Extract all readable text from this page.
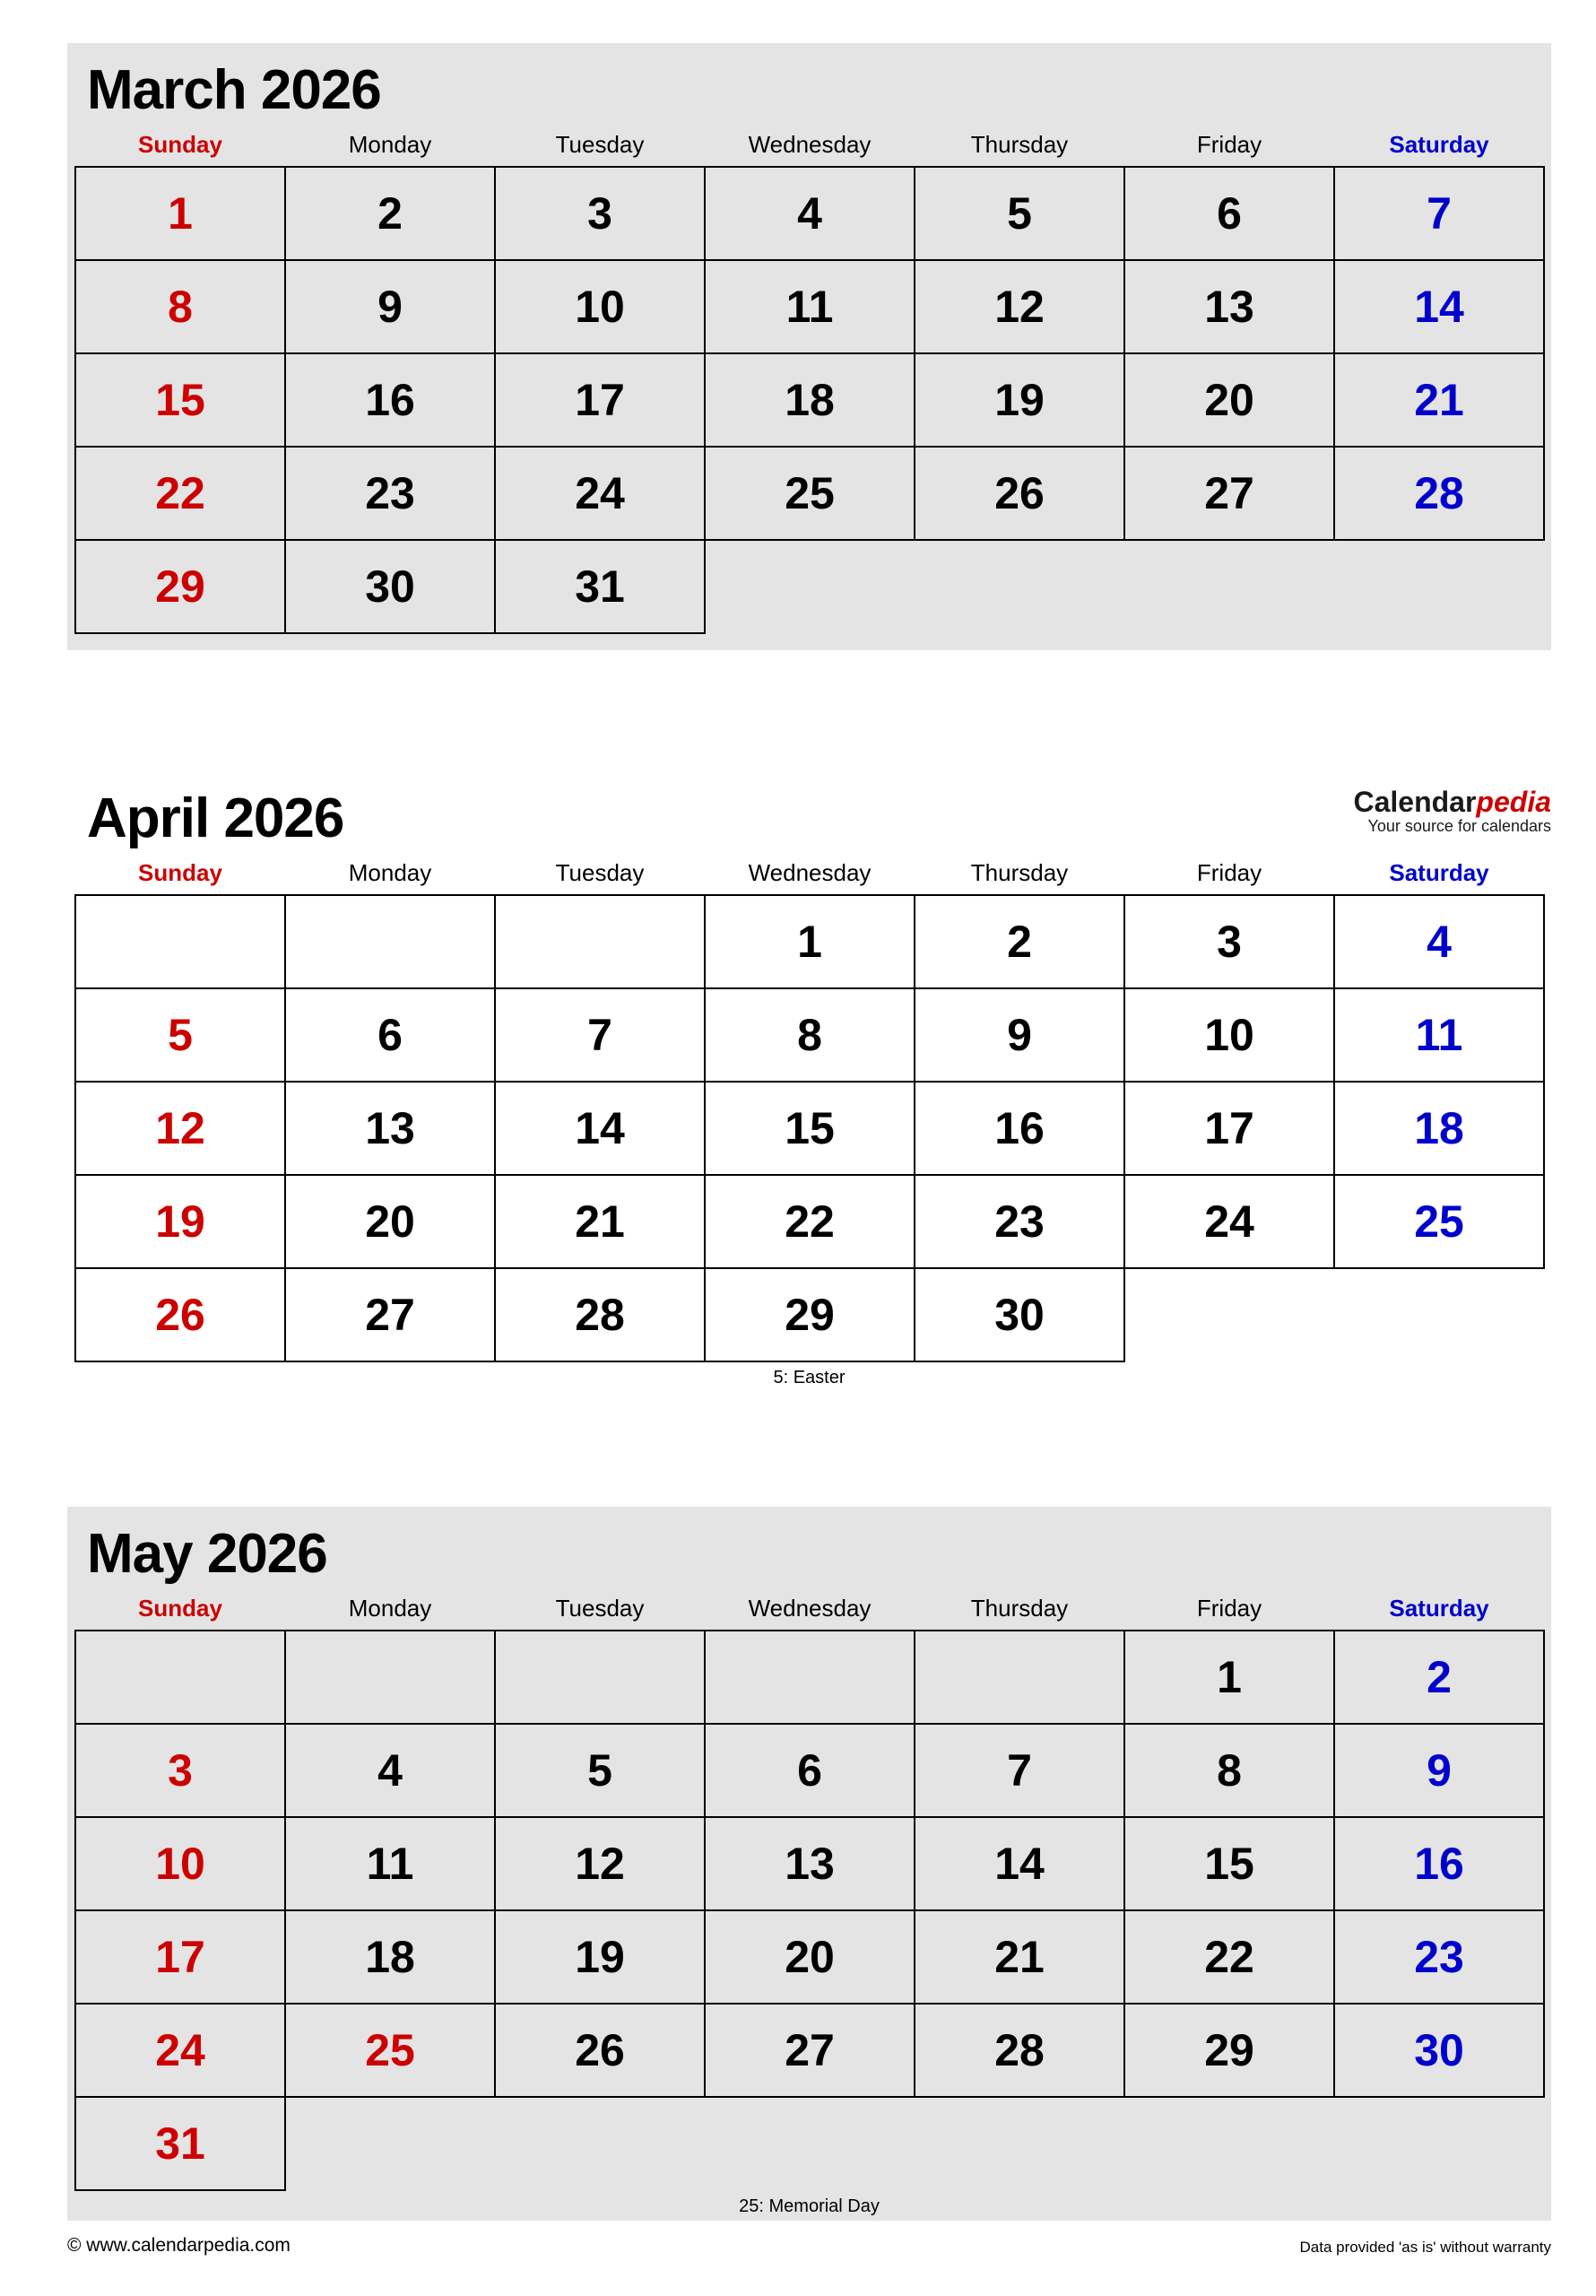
March 2026
Sunday	Monday	Tuesday	Wednesday	Thursday	Friday	Saturday
1	2	3	4	5	6	7
8	9	10	11	12	13	14
15	16	17	18	19	20	21
22	23	24	25	26	27	28
29	30	31				
Calendarpedia
Your source for calendars
April 2026
Sunday	Monday	Tuesday	Wednesday	Thursday	Friday	Saturday
			1	2	3	4
5	6	7	8	9	10	11
12	13	14	15	16	17	18
19	20	21	22	23	24	25
26	27	28	29	30		
5: Easter
May 2026
Sunday	Monday	Tuesday	Wednesday	Thursday	Friday	Saturday
					1	2
3	4	5	6	7	8	9
10	11	12	13	14	15	16
17	18	19	20	21	22	23
24	25	26	27	28	29	30
31						
25: Memorial Day
© www.calendarpedia.com	Data provided 'as is' without warranty
